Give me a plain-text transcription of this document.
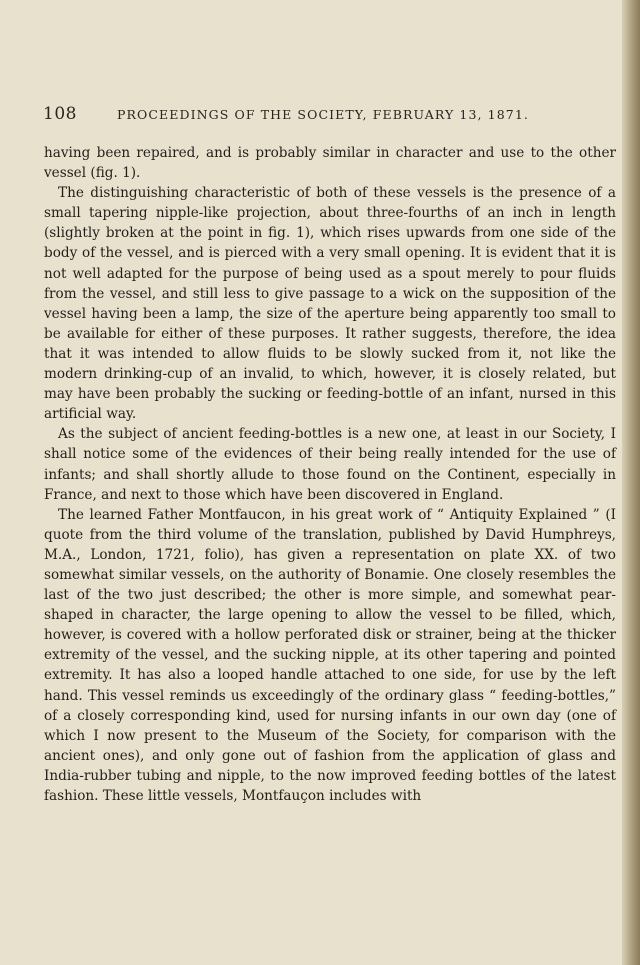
108	PROCEEDINGS OF THE SOCIETY, FEBRUARY 13, 1871.

having been repaired, and is probably similar in character and use to the other vessel (fig. 1).

The distinguishing characteristic of both of these vessels is the presence of a small tapering nipple-like projection, about three-fourths of an inch in length (slightly broken at the point in fig. 1), which rises upwards from one side of the body of the vessel, and is pierced with a very small opening. It is evident that it is not well adapted for the purpose of being used as a spout merely to pour fluids from the vessel, and still less to give passage to a wick on the supposition of the vessel having been a lamp, the size of the aperture being apparently too small to be available for either of these purposes. It rather suggests, therefore, the idea that it was intended to allow fluids to be slowly sucked from it, not like the modern drinking-cup of an invalid, to which, however, it is closely related, but may have been probably the sucking or feeding-bottle of an infant, nursed in this artificial way.

As the subject of ancient feeding-bottles is a new one, at least in our Society, I shall notice some of the evidences of their being really intended for the use of infants; and shall shortly allude to those found on the Continent, especially in France, and next to those which have been discovered in England.

The learned Father Montfaucon, in his great work of “ Antiquity Explained ” (I quote from the third volume of the translation, published by David Humphreys, M.A., London, 1721, folio), has given a representation on plate XX. of two somewhat similar vessels, on the authority of Bonamie. One closely resembles the last of the two just described; the other is more simple, and somewhat pear-shaped in character, the large opening to allow the vessel to be filled, which, however, is covered with a hollow perforated disk or strainer, being at the thicker extremity of the vessel, and the sucking nipple, at its other tapering and pointed extremity. It has also a looped handle attached to one side, for use by the left hand. This vessel reminds us exceedingly of the ordinary glass “ feeding-bottles,” of a closely corresponding kind, used for nursing infants in our own day (one of which I now present to the Museum of the Society, for comparison with the ancient ones), and only gone out of fashion from the application of glass and India-rubber tubing and nipple, to the now improved feeding bottles of the latest fashion. These little vessels, Montfauçon includes with
